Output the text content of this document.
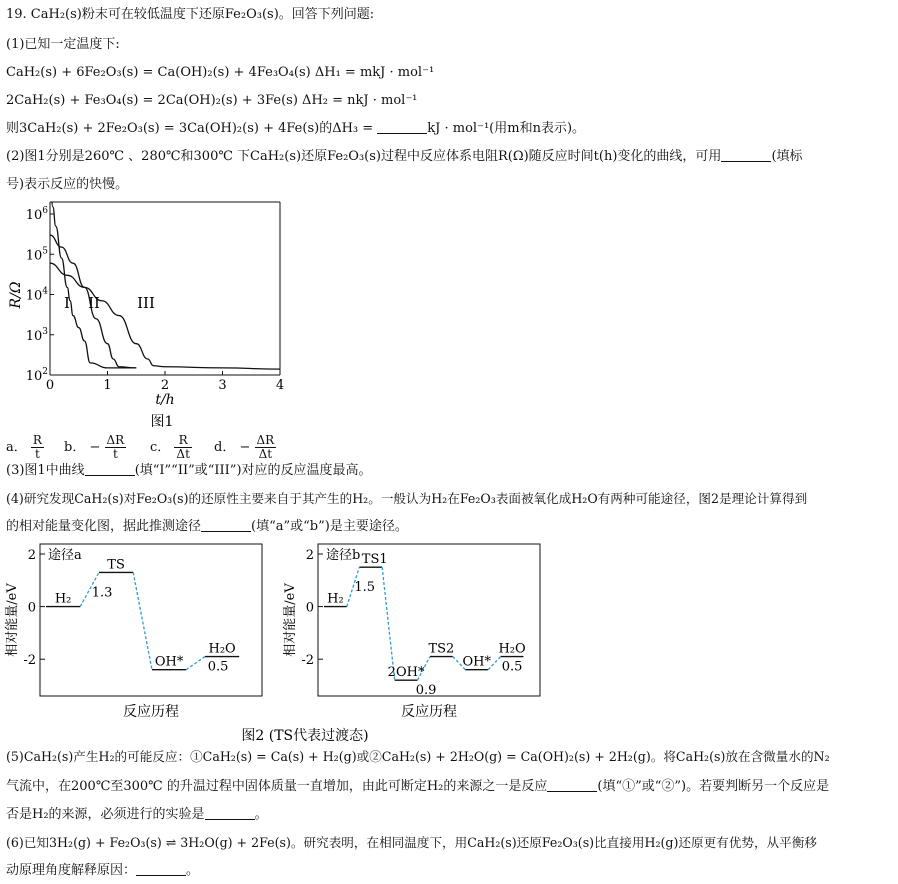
19. CaH₂(s)粉末可在较低温度下还原Fe₂O₃(s)。回答下列问题:
(1)已知一定温度下:
CaH₂(s) + 6Fe₂O₃(s) = Ca(OH)₂(s) + 4Fe₃O₄(s) ΔH₁ = mkJ · mol⁻¹
2CaH₂(s) + Fe₃O₄(s) = 2Ca(OH)₂(s) + 3Fe(s) ΔH₂ = nkJ · mol⁻¹
则3CaH₂(s) + 2Fe₂O₃(s) = 3Ca(OH)₂(s) + 4Fe(s)的ΔH₃ =	kJ · mol⁻¹(用m和n表示)。
(2)图1分别是260℃ 、280℃和300℃ 下CaH₂(s)还原Fe₂O₃(s)过程中反应体系电阻R(Ω)随反应时间t(h)变化的曲线，可用	(填标
号)表示反应的快慢。
$10^6$
$10^5$
$10^4$
$10^3$
$10^2$
0	1	2	3	4
R/Ω
t/h
图1
I II III
a． $\frac{R}{t}$ b． − $\frac{\Delta R}{t}$ c． $\frac{R}{\Delta t}$ d． − $\frac{\Delta R}{\Delta t}$
(3)图1中曲线	(填“I”“II”或“III”)对应的反应温度最高。
(4)研究发现CaH₂(s)对Fe₂O₃(s)的还原性主要来自于其产生的H₂。一般认为H₂在Fe₂O₃表面被氧化成H₂O有两种可能途径，图2是理论计算得到
的相对能量变化图，据此推测途径	(填“a”或“b”)是主要途径。
2
0
-2
相对能量/eV
反应历程
途径a
H₂
TS
1.3
OH*
H₂O
0.5
2
0
-2
相对能量/eV
反应历程
途径b
H₂
TS1
1.5
2OH*
0.9
TS2
OH*
H₂O
0.5
图2 (TS代表过渡态)
(5)CaH₂(s)产生H₂的可能反应：①CaH₂(s) = Ca(s) + H₂(g)或②CaH₂(s) + 2H₂O(g) = Ca(OH)₂(s) + 2H₂(g)。将CaH₂(s)放在含微量水的N₂
气流中，在200℃至300℃ 的升温过程中固体质量一直增加，由此可断定H₂的来源之一是反应	(填“①”或“②”)。若要判断另一个反应是
否是H₂的来源，必须进行的实验是	。
(6)已知3H₂(g) + Fe₂O₃(s) ⇌ 3H₂O(g) + 2Fe(s)。研究表明，在相同温度下，用CaH₂(s)还原Fe₂O₃(s)比直接用H₂(g)还原更有优势，从平衡移
动原理角度解释原因：	。
